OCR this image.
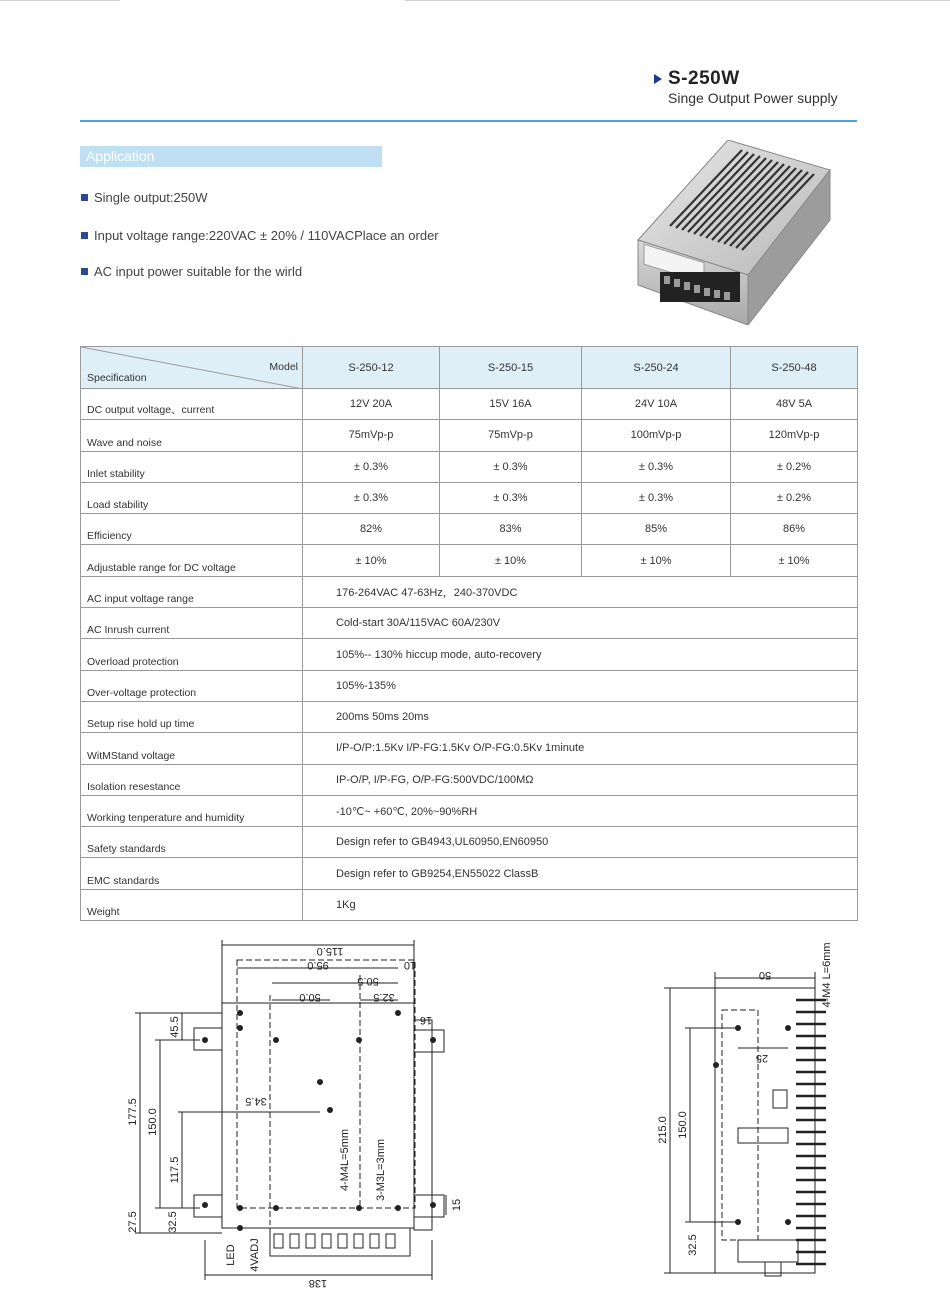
S-250W
Singe Output Power supply
Application
Single output:250W
Input voltage range:220VAC ± 20% / 110VACPlace an order
AC input power suitable for the wirld
Model
Specification	S-250-12	S-250-15	S-250-24	S-250-48
DC output voltage、current	12V 20A	15V 16A	24V 10A	48V 5A
Wave and noise	75mVp-p	75mVp-p	100mVp-p	120mVp-p
Inlet stability	± 0.3%	± 0.3%	± 0.3%	± 0.2%
Load stability	± 0.3%	± 0.3%	± 0.3%	± 0.2%
Efficiency	82%	83%	85%	86%
Adjustable range for DC voltage	± 10%	± 10%	± 10%	± 10%
AC input voltage range	176-264VAC 47-63Hz，240-370VDC			
AC Inrush current	Cold-start 30A/115VAC 60A/230V			
Overload protection	105%-- 130% hiccup mode, auto-recovery			
Over-voltage protection	105%-135%			
Setup rise hold up time	200ms 50ms 20ms			
WitMStand voltage	I/P-O/P:1.5Kv I/P-FG:1.5Kv O/P-FG:0.5Kv 1minute			
Isolation resestance	IP-O/P, I/P-FG, O/P-FG:500VDC/100MΩ			
Working tenperature and humidity	-10℃~ +60℃, 20%~90%RH			
Safety standards	Design refer to GB4943,UL60950,EN60950			
EMC standards	Design refer to GB9254,EN55022 ClassB			
Weight	1Kg			
115.0
95.0	10
50.5
50.0	32.5
16
45.5
177.5 150.0
117.5
27.5	32.5
34.5
4-M4L=5mm 3-M3L=3mm
15
LED 4VADJ
138
50	4-M4 L=6mm
25
215.0 150.0
32.5
